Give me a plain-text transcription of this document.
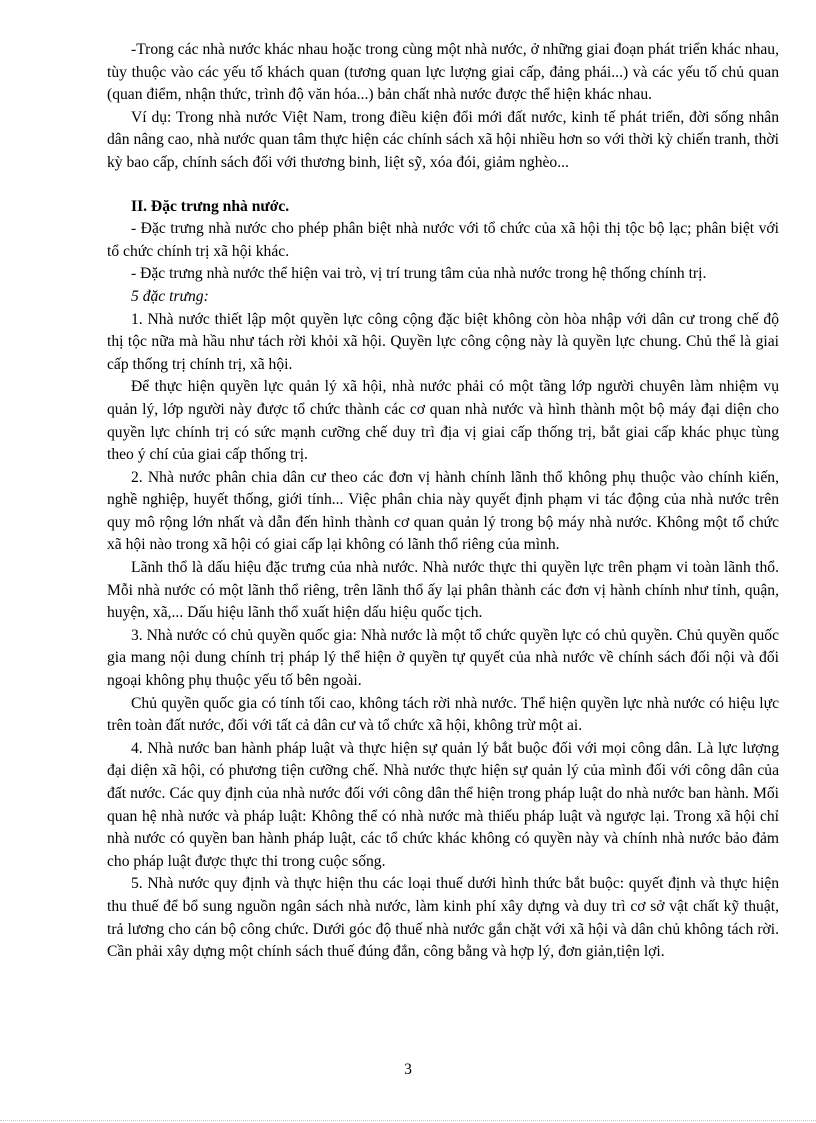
-Trong các nhà nước khác nhau hoặc trong cùng một nhà nước, ở những giai đoạn phát triển khác nhau, tùy thuộc vào các yếu tố khách quan (tương quan lực lượng giai cấp, đảng phái...) và các yếu tố chủ quan (quan điểm, nhận thức, trình độ văn hóa...) bản chất nhà nước được thể hiện khác nhau.

Ví dụ: Trong nhà nước Việt Nam, trong điều kiện đổi mới đất nước, kinh tế phát triển, đời sống nhân dân nâng cao, nhà nước quan tâm thực hiện các chính sách xã hội nhiều hơn so với thời kỳ chiến tranh, thời kỳ bao cấp, chính sách đối với thương binh, liệt sỹ, xóa đói, giảm nghèo...

II. Đặc trưng nhà nước.

- Đặc trưng nhà nước cho phép phân biệt nhà nước với tổ chức của xã hội thị tộc bộ lạc; phân biệt với tổ chức chính trị xã hội khác.

- Đặc trưng nhà nước thể hiện vai trò, vị trí trung tâm của nhà nước trong hệ thống chính trị.

5 đặc trưng:

1. Nhà nước thiết lập một quyền lực công cộng đặc biệt không còn hòa nhập với dân cư trong chế độ thị tộc nữa mà hầu như tách rời khỏi xã hội. Quyền lực công cộng này là quyền lực chung. Chủ thể là giai cấp thống trị chính trị, xã hội.

Để thực hiện quyền lực quản lý xã hội, nhà nước phải có một tầng lớp người chuyên làm nhiệm vụ quản lý, lớp người này được tổ chức thành các cơ quan nhà nước và hình thành một bộ máy đại diện cho quyền lực chính trị có sức mạnh cưỡng chế duy trì địa vị giai cấp thống trị, bắt giai cấp khác phục tùng theo ý chí của giai cấp thống trị.

2. Nhà nước phân chia dân cư theo các đơn vị hành chính lãnh thổ không phụ thuộc vào chính kiến, nghề nghiệp, huyết thống, giới tính... Việc phân chia này quyết định phạm vi tác động của nhà nước trên quy mô rộng lớn nhất và dẫn đến hình thành cơ quan quản lý trong bộ máy nhà nước. Không một tổ chức xã hội nào trong xã hội có giai cấp lại không có lãnh thổ riêng của mình.

Lãnh thổ là dấu hiệu đặc trưng của nhà nước. Nhà nước thực thi quyền lực trên phạm vi toàn lãnh thổ. Mỗi nhà nước có một lãnh thổ riêng, trên lãnh thổ ấy lại phân thành các đơn vị hành chính như tỉnh, quận, huyện, xã,... Dấu hiệu lãnh thổ xuất hiện dấu hiệu quốc tịch.

3. Nhà nước có chủ quyền quốc gia: Nhà nước là một tổ chức quyền lực có chủ quyền. Chủ quyền quốc gia mang nội dung chính trị pháp lý thể hiện ở quyền tự quyết của nhà nước về chính sách đối nội và đối ngoại không phụ thuộc yếu tố bên ngoài.

Chủ quyền quốc gia có tính tối cao, không tách rời nhà nước. Thể hiện quyền lực nhà nước có hiệu lực trên toàn đất nước, đối với tất cả dân cư và tổ chức xã hội, không trừ một ai.

4. Nhà nước ban hành pháp luật và thực hiện sự quản lý bắt buộc đối với mọi công dân. Là lực lượng đại diện xã hội, có phương tiện cưỡng chế. Nhà nước thực hiện sự quản lý của mình đối với công dân của đất nước. Các quy định của nhà nước đối với công dân thể hiện trong pháp luật do nhà nước ban hành. Mối quan hệ nhà nước và pháp luật: Không thể có nhà nước mà thiếu pháp luật và ngược lại. Trong xã hội chỉ nhà nước có quyền ban hành pháp luật, các tổ chức khác không có quyền này và chính nhà nước bảo đảm cho pháp luật được thực thi trong cuộc sống.

5. Nhà nước quy định và thực hiện thu các loại thuế dưới hình thức bắt buộc: quyết định và thực hiện thu thuế để bổ sung nguồn ngân sách nhà nước, làm kinh phí xây dựng và duy trì cơ sở vật chất kỹ thuật, trả lương cho cán bộ công chức. Dưới góc độ thuế nhà nước gắn chặt với xã hội và dân chủ không tách rời. Cần phải xây dựng một chính sách thuế đúng đắn, công bằng và hợp lý, đơn giản,tiện lợi.

3
